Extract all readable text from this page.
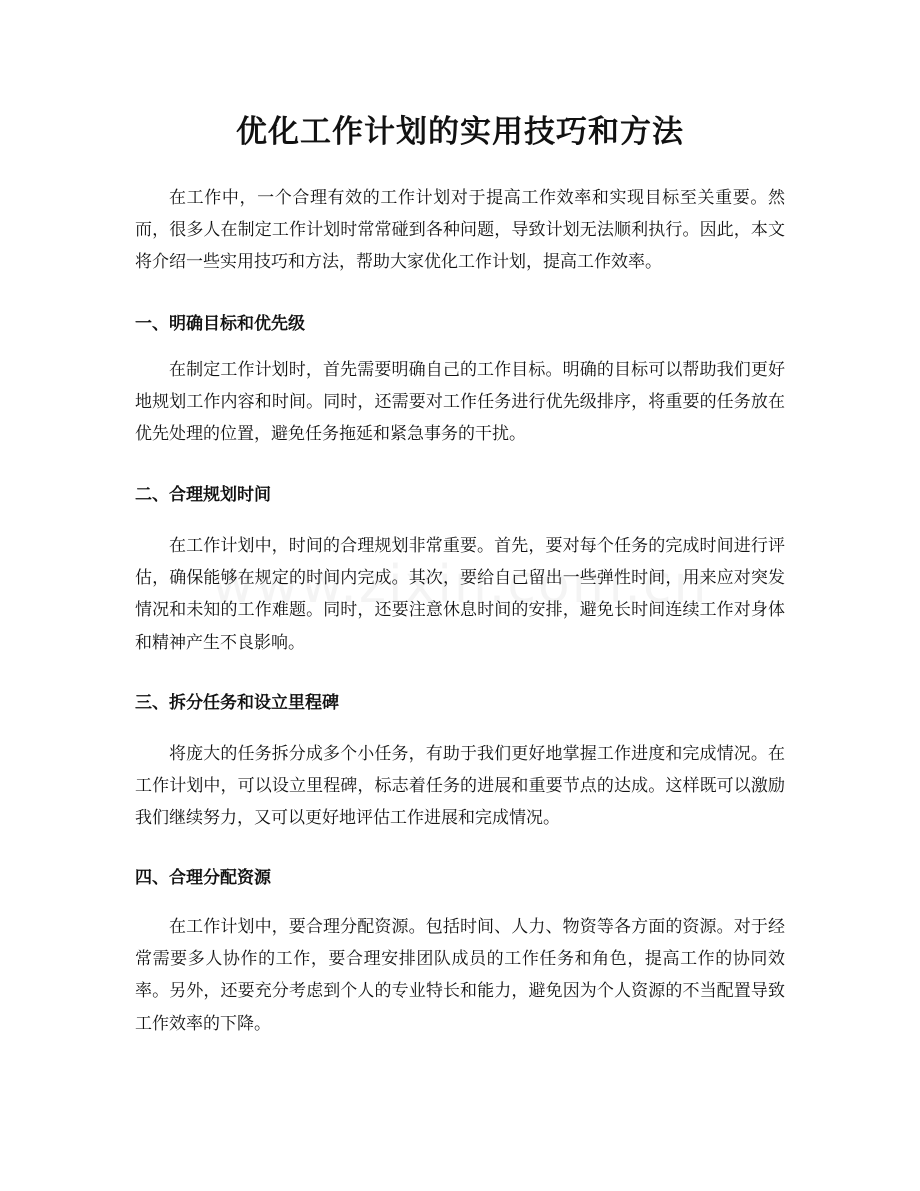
优化工作计划的实用技巧和方法

在工作中，一个合理有效的工作计划对于提高工作效率和实现目标至关重要。然而，很多人在制定工作计划时常常碰到各种问题，导致计划无法顺利执行。因此，本文将介绍一些实用技巧和方法，帮助大家优化工作计划，提高工作效率。

一、明确目标和优先级

在制定工作计划时，首先需要明确自己的工作目标。明确的目标可以帮助我们更好地规划工作内容和时间。同时，还需要对工作任务进行优先级排序，将重要的任务放在优先处理的位置，避免任务拖延和紧急事务的干扰。

二、合理规划时间

在工作计划中，时间的合理规划非常重要。首先，要对每个任务的完成时间进行评估，确保能够在规定的时间内完成。其次，要给自己留出一些弹性时间，用来应对突发情况和未知的工作难题。同时，还要注意休息时间的安排，避免长时间连续工作对身体和精神产生不良影响。

三、拆分任务和设立里程碑

将庞大的任务拆分成多个小任务，有助于我们更好地掌握工作进度和完成情况。在工作计划中，可以设立里程碑，标志着任务的进展和重要节点的达成。这样既可以激励我们继续努力，又可以更好地评估工作进展和完成情况。

四、合理分配资源

在工作计划中，要合理分配资源。包括时间、人力、物资等各方面的资源。对于经常需要多人协作的工作，要合理安排团队成员的工作任务和角色，提高工作的协同效率。另外，还要充分考虑到个人的专业特长和能力，避免因为个人资源的不当配置导致工作效率的下降。
